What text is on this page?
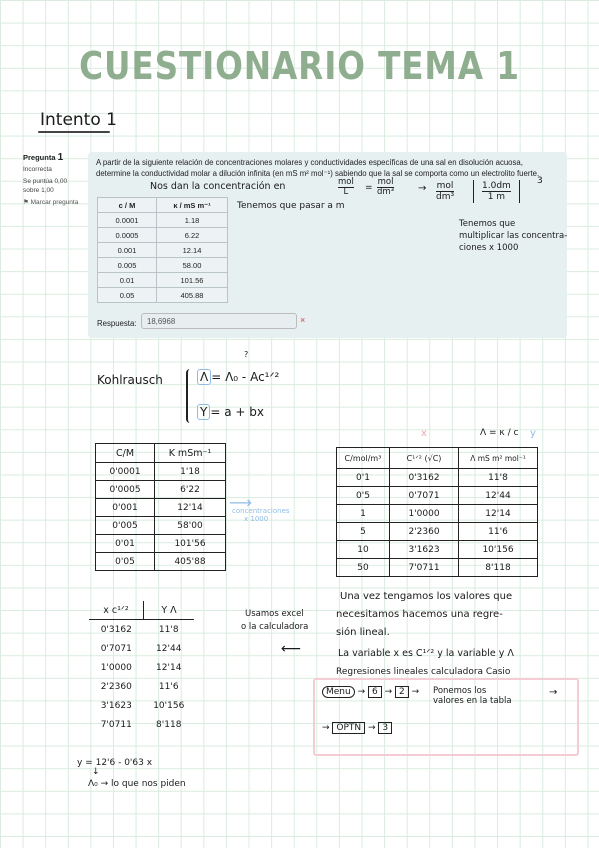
CUESTIONARIO TEMA 1
Intento 1
Pregunta 1
Incorrecta
Se puntúa 0,00 sobre 1,00
⚑ Marcar pregunta
A partir de la siguiente relación de concentraciones molares y conductividades específicas de una sal en disolución acuosa, determine la conductividad molar a dilución infinita (en mS m² mol⁻¹) sabiendo que la sal se comporta como un electrolito fuerte.
c / M	κ / mS m⁻¹
0.0001	1.18
0.0005	6.22
0.001	12.14
0.005	58.00
0.01	101.56
0.05	405.88
Respuesta:	18,6968	×
Nos dan la concentración en	mol
L	=
mol
dm³ → mol
dm³
1.0dm
1 m
3
Tenemos que pasar a m
Tenemos que
multiplicar las concentra-
ciones x 1000
Kohlrausch	Λ = Λ₀ - Ac¹ᐟ²
?
Y = a + bx
Λ = κ / c
x	y
C/M	K mSm⁻¹
0'0001	1'18
0'0005	6'22
0'001	12'14
0'005	58'00
0'01	101'56
0'05	405'88
⟶
concentraciones
x 1000
C/mol/m³	C¹ᐟ² (√C)	Λ mS m² mol⁻¹
0'1	0'3162	11'8
0'5	0'7071	12'44
1	1'0000	12'14
5	2'2360	11'6
10	3'1623	10'156
50	7'0711	8'118
Una vez tengamos los valores que
necesitamos hacemos una regre-
sión lineal.
Usamos excel
o la calculadora
x c¹ᐟ²	Y Λ
0'3162	11'8
0'7071	12'44
1'0000	12'14
2'2360	11'6
3'1623	10'156
7'0711	8'118
⟵	La variable x es C¹ᐟ² y la variable y Λ
Regresiones lineales calculadora Casio
Menu → 6 → 2 → Ponemos los
valores en la tabla
→
→ OPTN → 3
y = 12'6 - 0'63 x
↓
Λ₀ → lo que nos piden
